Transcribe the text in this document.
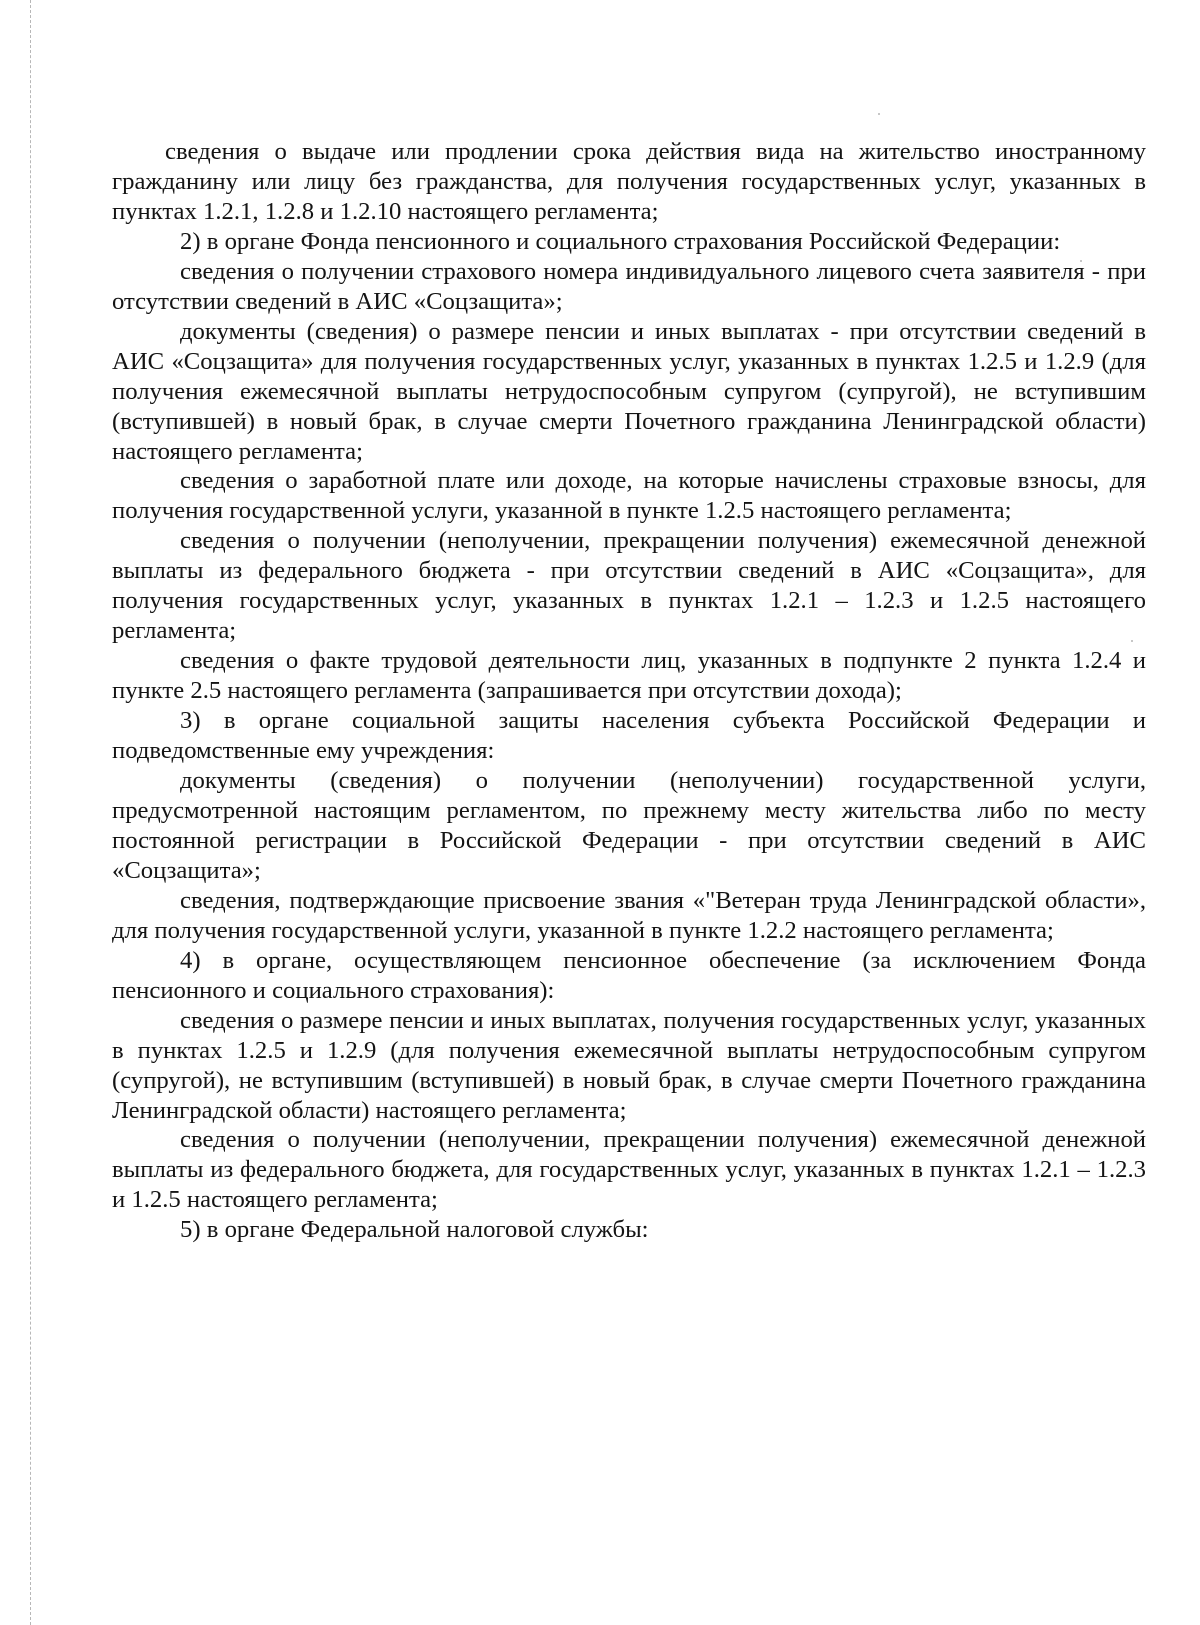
сведения о выдаче или продлении срока действия вида на жительство иностранному гражданину или лицу без гражданства, для получения государственных услуг, указанных в пунктах 1.2.1, 1.2.8 и 1.2.10 настоящего регламента;

2) в органе Фонда пенсионного и социального страхования Российской Федерации:

сведения о получении страхового номера индивидуального лицевого счета заявителя - при отсутствии сведений в АИС «Соцзащита»;

документы (сведения) о размере пенсии и иных выплатах - при отсутствии сведений в АИС «Соцзащита» для получения государственных услуг, указанных в пунктах 1.2.5 и 1.2.9 (для получения ежемесячной выплаты нетрудоспособным супругом (супругой), не вступившим (вступившей) в новый брак, в случае смерти Почетного гражданина Ленинградской области) настоящего регламента;

сведения о заработной плате или доходе, на которые начислены страховые взносы, для получения государственной услуги, указанной в пункте 1.2.5 настоящего регламента;

сведения о получении (неполучении, прекращении получения) ежемесячной денежной выплаты из федерального бюджета - при отсутствии сведений в АИС «Соцзащита», для получения государственных услуг, указанных в пунктах 1.2.1 – 1.2.3 и 1.2.5 настоящего регламента;

сведения о факте трудовой деятельности лиц, указанных в подпункте 2 пункта 1.2.4 и пункте 2.5 настоящего регламента (запрашивается при отсутствии дохода);

3) в органе социальной защиты населения субъекта Российской Федерации и подведомственные ему учреждения:

документы (сведения) о получении (неполучении) государственной услуги, предусмотренной настоящим регламентом, по прежнему месту жительства либо по месту постоянной регистрации в Российской Федерации - при отсутствии сведений в АИС «Соцзащита»;

сведения, подтверждающие присвоение звания «"Ветеран труда Ленинградской области», для получения государственной услуги, указанной в пункте 1.2.2 настоящего регламента;

4) в органе, осуществляющем пенсионное обеспечение (за исключением Фонда пенсионного и социального страхования):

сведения о размере пенсии и иных выплатах, получения государственных услуг, указанных в пунктах 1.2.5 и 1.2.9 (для получения ежемесячной выплаты нетрудоспособным супругом (супругой), не вступившим (вступившей) в новый брак, в случае смерти Почетного гражданина Ленинградской области) настоящего регламента;

сведения о получении (неполучении, прекращении получения) ежемесячной денежной выплаты из федерального бюджета, для государственных услуг, указанных в пунктах 1.2.1 – 1.2.3 и 1.2.5 настоящего регламента;

5) в органе Федеральной налоговой службы:
